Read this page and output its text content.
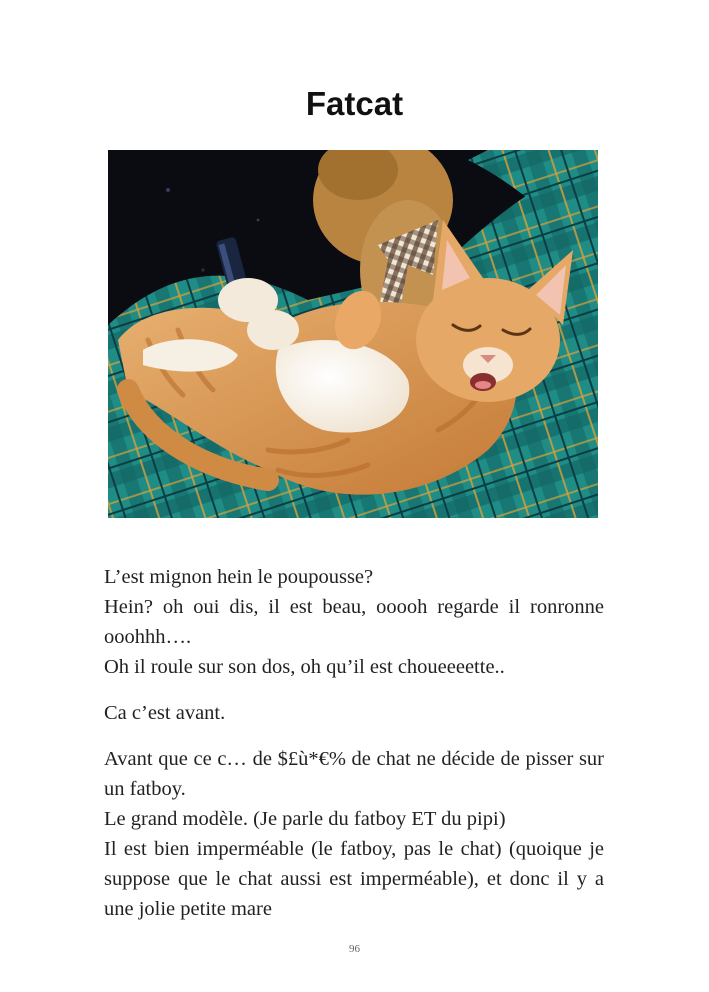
Fatcat

L’est mignon hein le poupousse?
Hein? oh oui dis, il est beau, ooooh regarde il ronronne ooohhh….
Oh il roule sur son dos, oh qu’il est choueeeette..

Ca c’est avant.

Avant que ce c… de $£ù*€% de chat ne décide de pisser sur un fatboy.
Le grand modèle. (Je parle du fatboy ET du pipi)
Il est bien imperméable (le fatboy, pas le chat) (quoique je suppose que le chat aussi est imperméable), et donc il y a une jolie petite mare

96
